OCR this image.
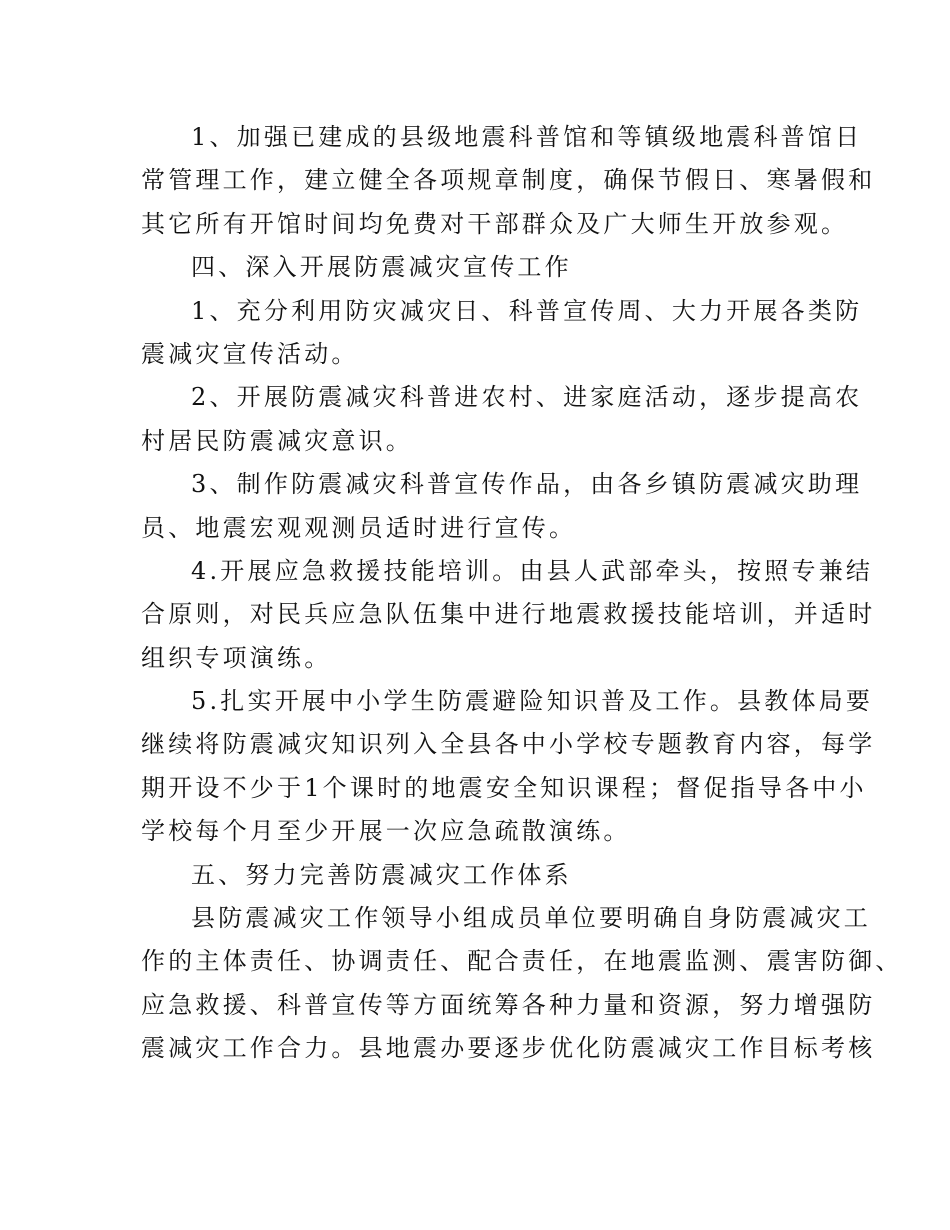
1、加强已建成的县级地震科普馆和等镇级地震科普馆日
常管理工作，建立健全各项规章制度，确保节假日、寒暑假和
其它所有开馆时间均免费对干部群众及广大师生开放参观。
四、深入开展防震减灾宣传工作
1、充分利用防灾减灾日、科普宣传周、大力开展各类防
震减灾宣传活动。
2、开展防震减灾科普进农村、进家庭活动，逐步提高农
村居民防震减灾意识。
3、制作防震减灾科普宣传作品，由各乡镇防震减灾助理
员、地震宏观观测员适时进行宣传。
4.开展应急救援技能培训。由县人武部牵头，按照专兼结
合原则，对民兵应急队伍集中进行地震救援技能培训，并适时
组织专项演练。
5.扎实开展中小学生防震避险知识普及工作。县教体局要
继续将防震减灾知识列入全县各中小学校专题教育内容，每学
期开设不少于1个课时的地震安全知识课程；督促指导各中小
学校每个月至少开展一次应急疏散演练。
五、努力完善防震减灾工作体系
县防震减灾工作领导小组成员单位要明确自身防震减灾工
作的主体责任、协调责任、配合责任，在地震监测、震害防御、
应急救援、科普宣传等方面统筹各种力量和资源，努力增强防
震减灾工作合力。县地震办要逐步优化防震减灾工作目标考核
